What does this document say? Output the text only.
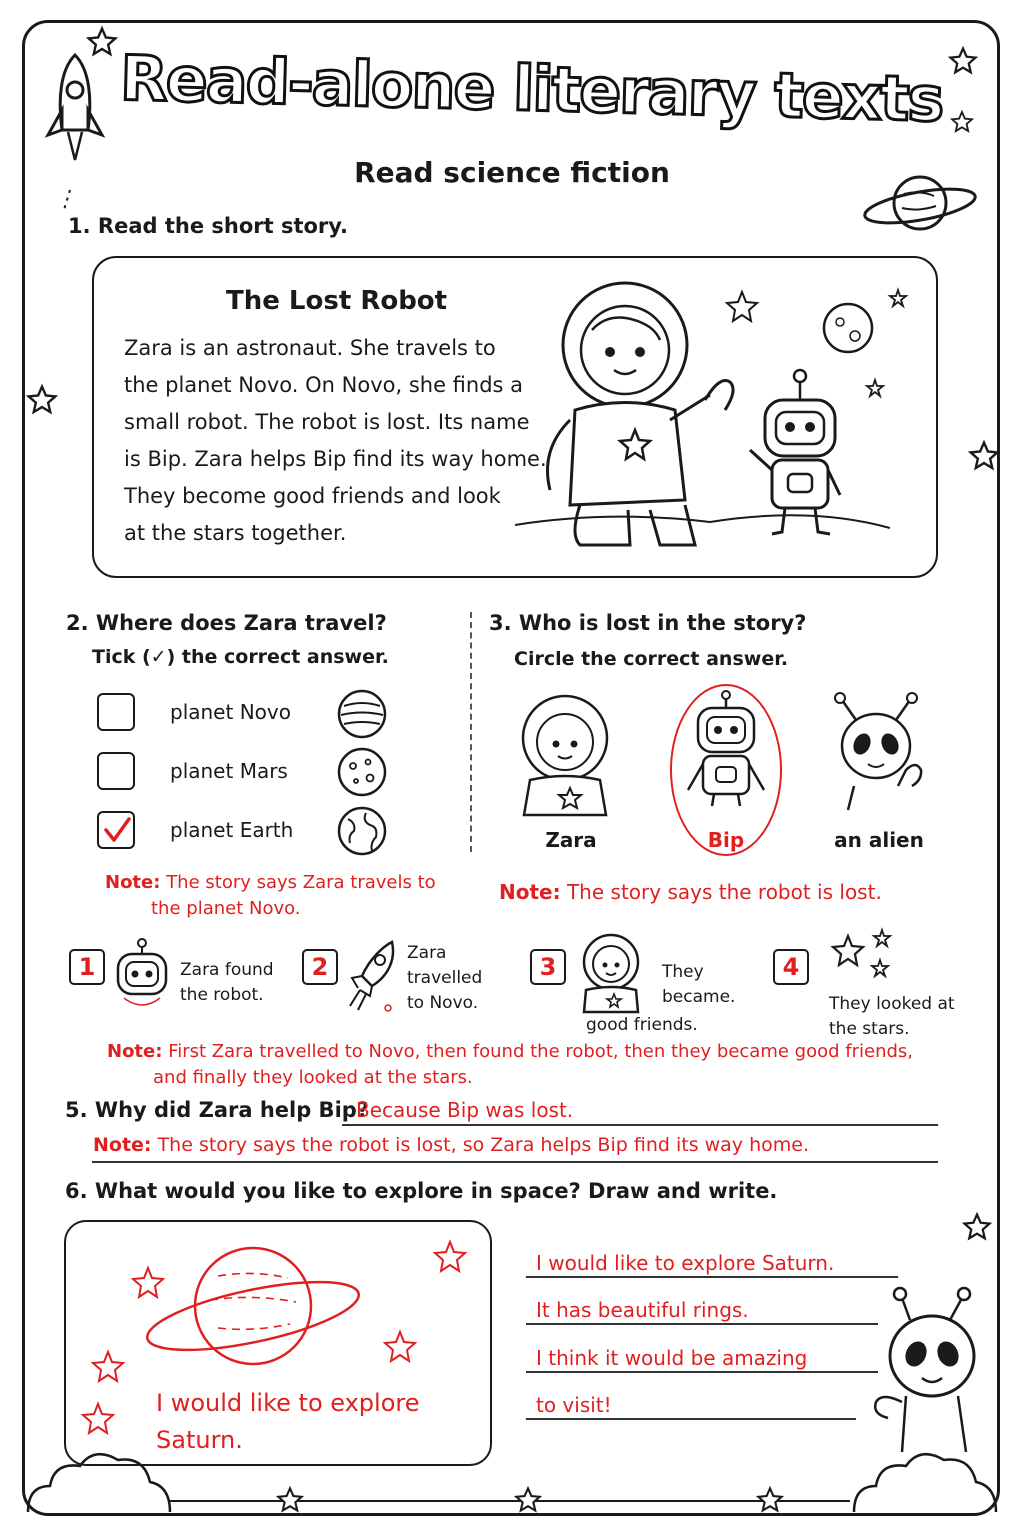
Read-alone literary texts
Read science fiction
1. Read the short story.
The Lost Robot
Zara is an astronaut. She travels to
the planet Novo. On Novo, she finds a
small robot. The robot is lost. Its name
is Bip. Zara helps Bip find its way home.
They become good friends and look
at the stars together.
2. Where does Zara travel?
Tick (✓) the correct answer.
planet Novo
planet Mars
planet Earth
Note: The story says Zara travels to
the planet Novo.
3. Who is lost in the story?
Circle the correct answer.
Zara	Bip	an alien
Note: The story says the robot is lost.
1	Zara found
the robot.
2	Zara
travelled
to Novo.
3	They
became.
good friends.
4
They looked at
the stars.
Note: First Zara travelled to Novo, then found the robot, then they became good friends,
and finally they looked at the stars.
5. Why did Zara help Bip?
Because Bip was lost.
Note: The story says the robot is lost, so Zara helps Bip find its way home.
6. What would you like to explore in space? Draw and write.
I would like to explore
Saturn.
I would like to explore Saturn.
It has beautiful rings.
I think it would be amazing
to visit!
